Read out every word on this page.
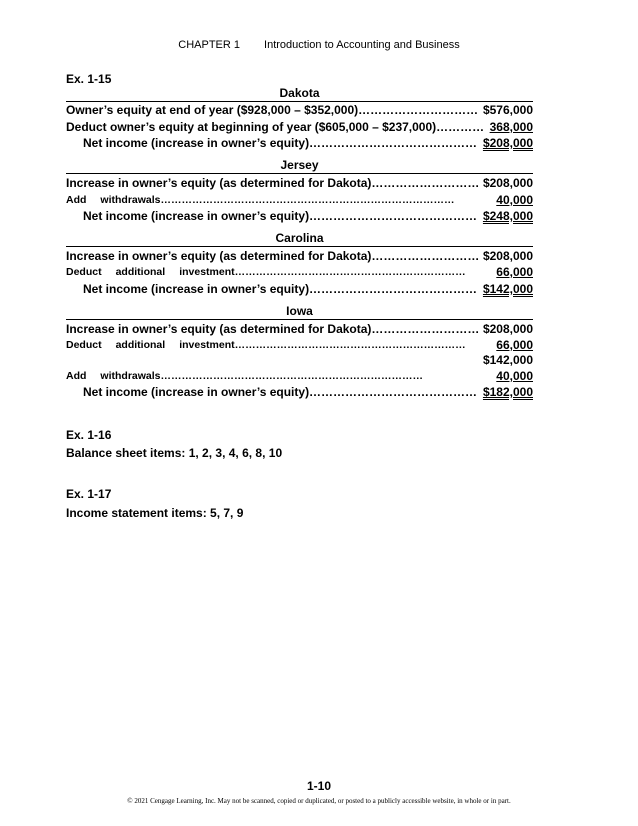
CHAPTER 1 Introduction to Accounting and Business
Ex. 1-15
Dakota
Owner’s equity at end of year ($928,000 – $352,000)………………………… $576,000
Deduct owner’s equity at beginning of year ($605,000 – $237,000)………… 368,000
Net income (increase in owner’s equity)…………………………………… $208,000
Jersey
Increase in owner’s equity (as determined for Dakota)……………………… $208,000
Add withdrawals…………………………………………………………………………	40,000
Net income (increase in owner’s equity)…………………………………… $248,000
Carolina
Increase in owner’s equity (as determined for Dakota)……………………… $208,000
Deduct additional investment…………………………………………………………	66,000
Net income (increase in owner’s equity)…………………………………… $142,000
Iowa
Increase in owner’s equity (as determined for Dakota)……………………… $208,000
Deduct additional investment…………………………………………………………	66,000
$142,000
Add withdrawals…………………………………………………………………	40,000
Net income (increase in owner’s equity)…………………………………… $182,000
Ex. 1-16
Balance sheet items: 1, 2, 3, 4, 6, 8, 10
Ex. 1-17
Income statement items: 5, 7, 9
1-10
© 2021 Cengage Learning, Inc. May not be scanned, copied or duplicated, or posted to a publicly accessible website, in whole or in part.
